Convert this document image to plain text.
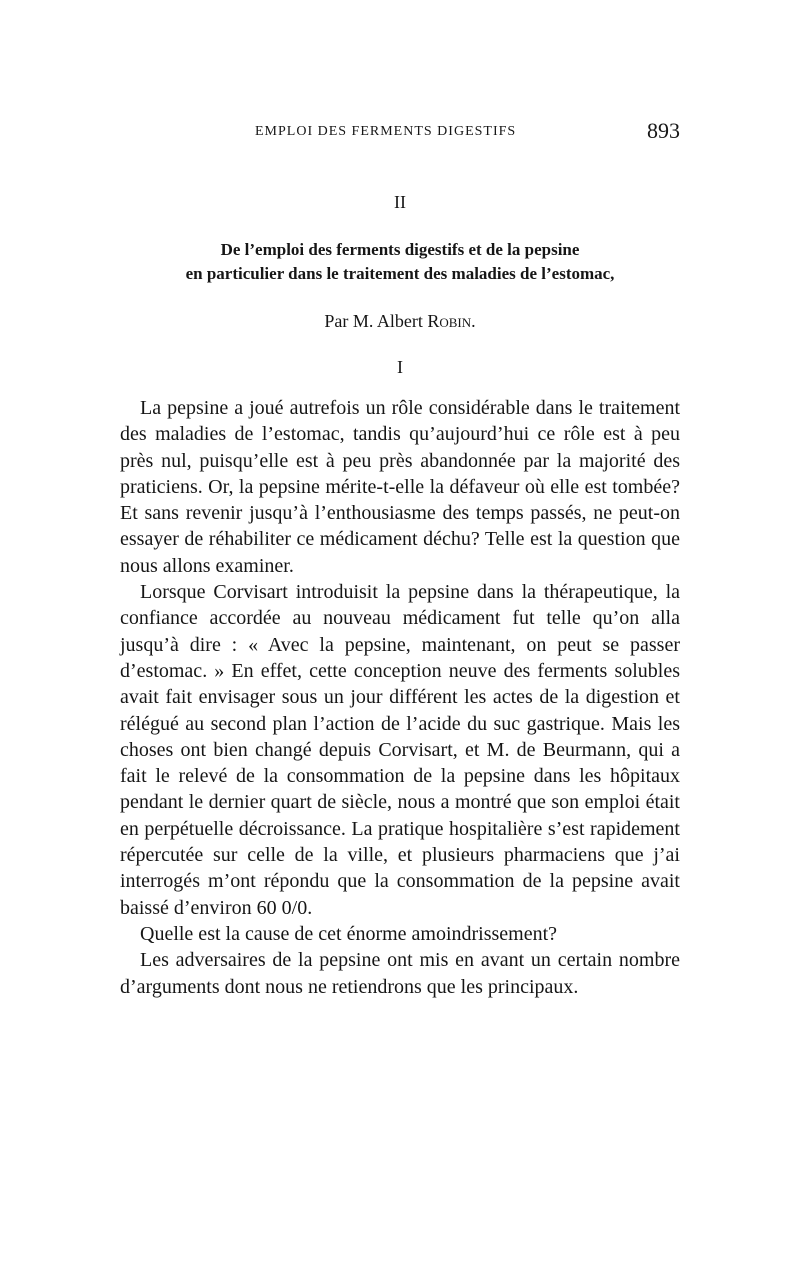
EMPLOI DES FERMENTS DIGESTIFS	893
II
De l’emploi des ferments digestifs et de la pepsine
en particulier dans le traitement des maladies de l’estomac,
Par M. Albert Robin.
I

La pepsine a joué autrefois un rôle considérable dans le traitement des maladies de l’estomac, tandis qu’aujourd’hui ce rôle est à peu près nul, puisqu’elle est à peu près abandonnée par la majorité des praticiens. Or, la pepsine mérite-t-elle la défaveur où elle est tombée? Et sans revenir jusqu’à l’enthousiasme des temps passés, ne peut-on essayer de réhabiliter ce médicament déchu? Telle est la question que nous allons examiner.

Lorsque Corvisart introduisit la pepsine dans la thérapeutique, la confiance accordée au nouveau médicament fut telle qu’on alla jusqu’à dire : « Avec la pepsine, maintenant, on peut se passer d’estomac. » En effet, cette conception neuve des ferments solubles avait fait envisager sous un jour différent les actes de la digestion et rélégué au second plan l’action de l’acide du suc gastrique. Mais les choses ont bien changé depuis Corvisart, et M. de Beurmann, qui a fait le relevé de la consommation de la pepsine dans les hôpitaux pendant le dernier quart de siècle, nous a montré que son emploi était en perpétuelle décroissance. La pratique hospitalière s’est rapidement répercutée sur celle de la ville, et plusieurs pharmaciens que j’ai interrogés m’ont répondu que la consommation de la pepsine avait baissé d’environ 60 0/0.

Quelle est la cause de cet énorme amoindrissement?

Les adversaires de la pepsine ont mis en avant un certain nombre d’arguments dont nous ne retiendrons que les principaux.
